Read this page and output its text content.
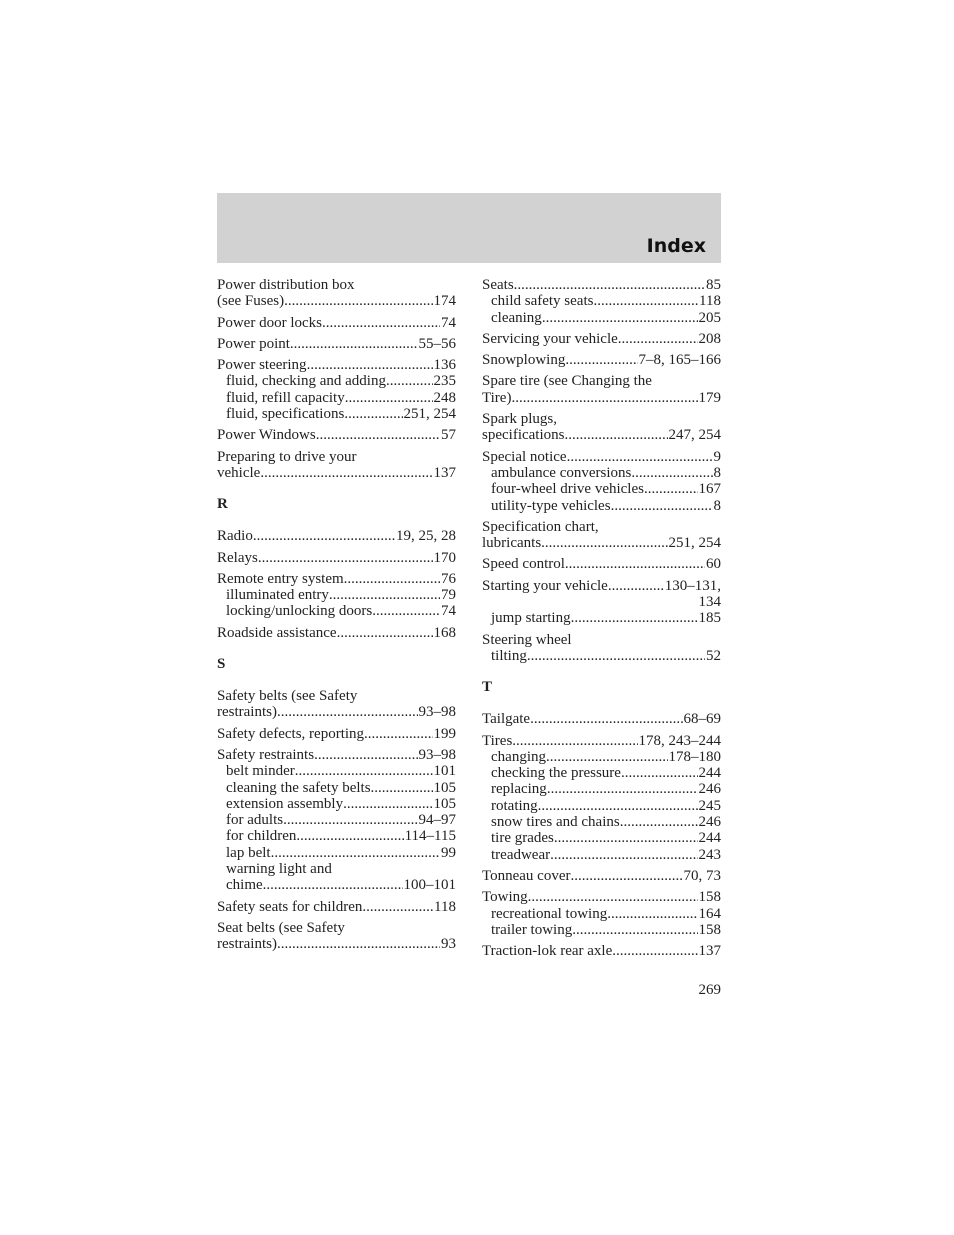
Index
Power distribution box
(see Fuses) .....	174
Power door locks .....	74
Power point .....	55–56
Power steering .....	136
fluid, checking and adding .....	235
fluid, refill capacity .....	248
fluid, specifications .....	251, 254
Power Windows .....	57
Preparing to drive your
vehicle .....	137
R
Radio .....	19, 25, 28
Relays .....	170
Remote entry system .....	76
illuminated entry .....	79
locking/unlocking doors .....	74
Roadside assistance .....	168
S
Safety belts (see Safety
restraints) .....	93–98
Safety defects, reporting .....	199
Safety restraints .....	93–98
belt minder .....	101
cleaning the safety belts .....	105
extension assembly .....	105
for adults .....	94–97
for children .....	114–115
lap belt .....	99
warning light and
chime .....	100–101
Safety seats for children .....	118
Seat belts (see Safety
restraints) .....	93
Seats .....	85
child safety seats .....	118
cleaning .....	205
Servicing your vehicle .....	208
Snowplowing .....	7–8, 165–166
Spare tire (see Changing the
Tire) .....	179
Spark plugs,
specifications .....	247, 254
Special notice .....	9
ambulance conversions .....	8
four-wheel drive vehicles .....	167
utility-type vehicles .....	8
Specification chart,
lubricants .....	251, 254
Speed control .....	60
Starting your vehicle .....	130–131,
134
jump starting .....	185
Steering wheel
tilting .....	52
T
Tailgate .....	68–69
Tires .....	178, 243–244
changing .....	178–180
checking the pressure .....	244
replacing .....	246
rotating .....	245
snow tires and chains .....	246
tire grades .....	244
treadwear .....	243
Tonneau cover .....	70, 73
Towing .....	158
recreational towing .....	164
trailer towing .....	158
Traction-lok rear axle .....	137
269
